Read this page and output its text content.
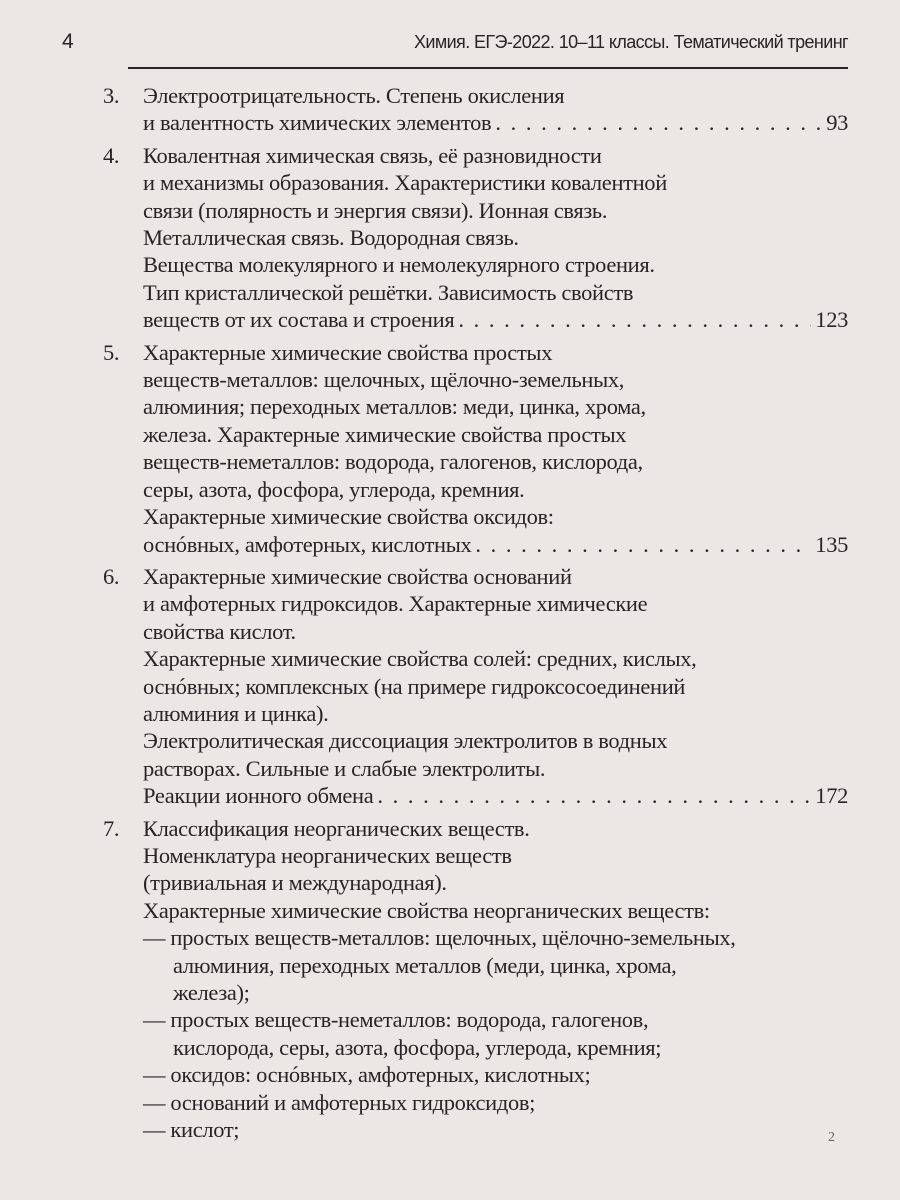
4	Химия. ЕГЭ-2022. 10–11 классы. Тематический тренинг
3. Электроотрицательность. Степень окисления
и валентность химических элементов . . .	93
4. Ковалентная химическая связь, её разновидности
и механизмы образования. Характеристики ковалентной
связи (полярность и энергия связи). Ионная связь.
Металлическая связь. Водородная связь.
Вещества молекулярного и немолекулярного строения.
Тип кристаллической решётки. Зависимость свойств
веществ от их состава и строения . . .	123
5. Характерные химические свойства простых
веществ-металлов: щелочных, щёлочно-земельных,
алюминия; переходных металлов: меди, цинка, хрома,
железа. Характерные химические свойства простых
веществ-неметаллов: водорода, галогенов, кислорода,
серы, азота, фосфора, углерода, кремния.
Характерные химические свойства оксидов:
оснóвных, амфотерных, кислотных . . .	135
6. Характерные химические свойства оснований
и амфотерных гидроксидов. Характерные химические
свойства кислот.
Характерные химические свойства солей: средних, кислых,
оснóвных; комплексных (на примере гидроксосоединений
алюминия и цинка).
Электролитическая диссоциация электролитов в водных
растворах. Сильные и слабые электролиты.
Реакции ионного обмена . . .	172
7. Классификация неорганических веществ.
Номенклатура неорганических веществ
(тривиальная и международная).
Характерные химические свойства неорганических веществ:
— простых веществ-металлов: щелочных, щёлочно-земельных,
алюминия, переходных металлов (меди, цинка, хрома,
железа);
— простых веществ-неметаллов: водорода, галогенов,
кислорода, серы, азота, фосфора, углерода, кремния;
— оксидов: оснóвных, амфотерных, кислотных;
— оснований и амфотерных гидроксидов;
— кислот;	2
